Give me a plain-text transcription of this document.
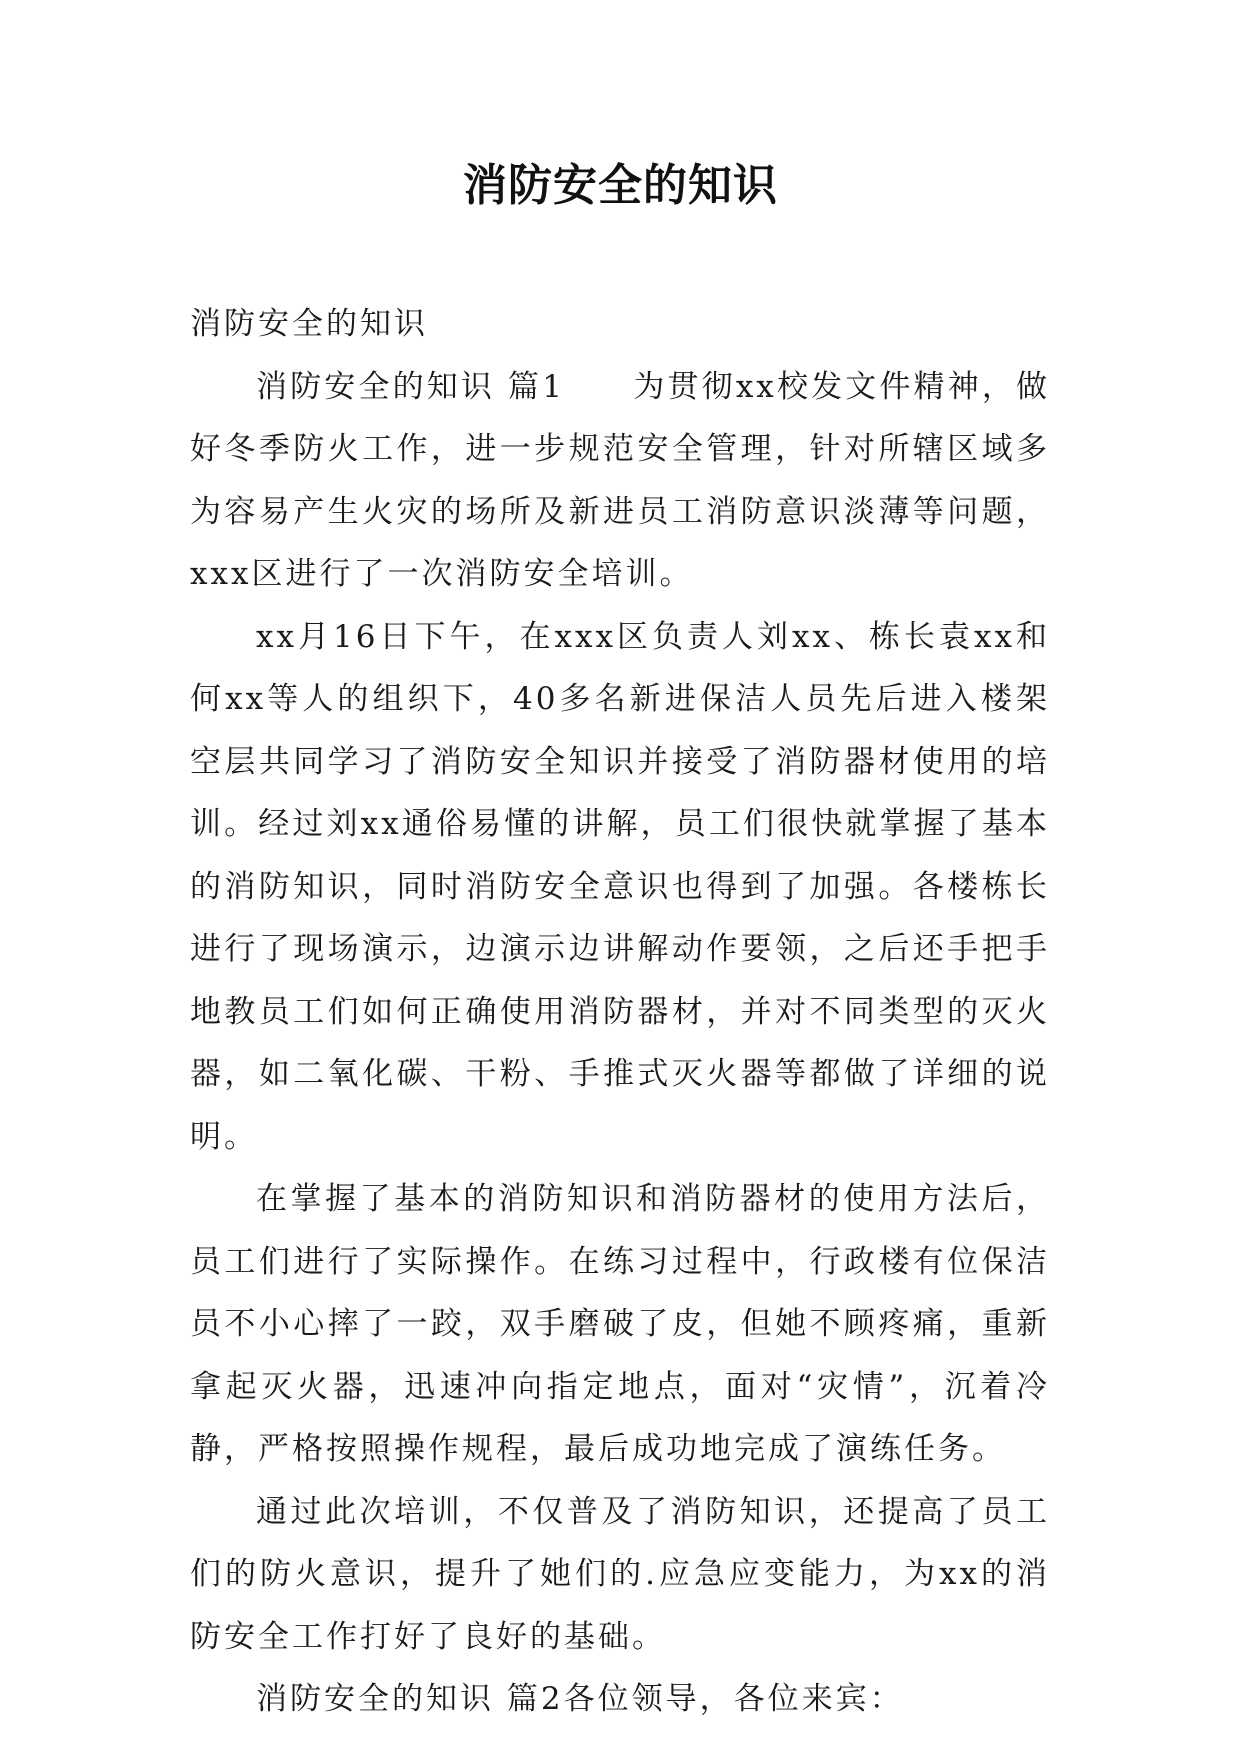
消防安全的知识

消防安全的知识

消防安全的知识 篇1　　为贯彻xx校发文件精神，做好冬季防火工作，进一步规范安全管理，针对所辖区域多为容易产生火灾的场所及新进员工消防意识淡薄等问题，xxx区进行了一次消防安全培训。

xx月16日下午，在xxx区负责人刘xx、栋长袁xx和何xx等人的组织下，40多名新进保洁人员先后进入楼架空层共同学习了消防安全知识并接受了消防器材使用的培训。经过刘xx通俗易懂的讲解，员工们很快就掌握了基本的消防知识，同时消防安全意识也得到了加强。各楼栋长进行了现场演示，边演示边讲解动作要领，之后还手把手地教员工们如何正确使用消防器材，并对不同类型的灭火器，如二氧化碳、干粉、手推式灭火器等都做了详细的说明。

在掌握了基本的消防知识和消防器材的使用方法后，员工们进行了实际操作。在练习过程中，行政楼有位保洁员不小心摔了一跤，双手磨破了皮，但她不顾疼痛，重新拿起灭火器，迅速冲向指定地点，面对“灾情”，沉着冷静，严格按照操作规程，最后成功地完成了演练任务。

通过此次培训，不仅普及了消防知识，还提高了员工们的防火意识，提升了她们的.应急应变能力，为xx的消防安全工作打好了良好的基础。

消防安全的知识 篇2各位领导，各位来宾：
